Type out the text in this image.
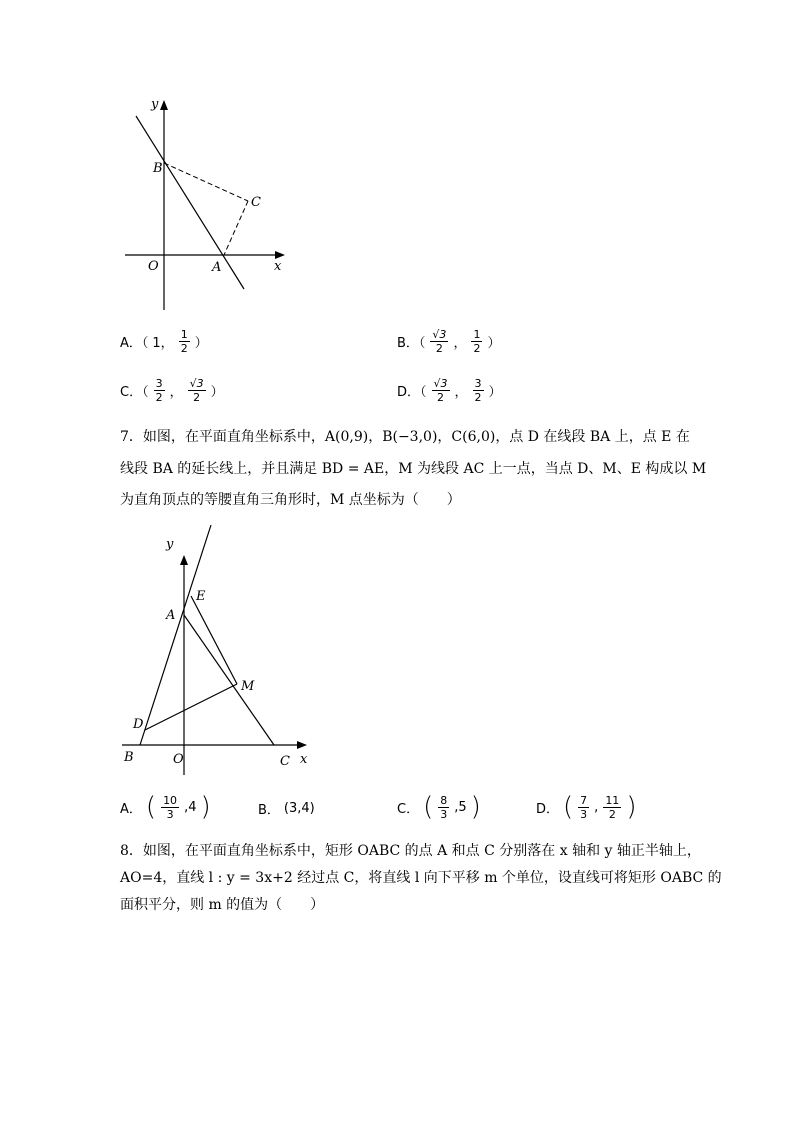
y
x
O	A
B
C
A．（ 1， $\frac{1}{2}$ ）	B．（ $\frac{√3}{2}$ ， $\frac{1}{2}$ ）
C．（ $\frac{3}{2}$ ， $\frac{√3}{2}$ ）	D．（ $\frac{√3}{2}$ ， $\frac{3}{2}$ ）
7．如图，在平面直角坐标系中，A(0,9)，B(−3,0)，C(6,0)，点 D 在线段 BA 上，点 E 在
线段 BA 的延长线上，并且满足 BD = AE，M 为线段 AC 上一点，当点 D、M、E 构成以 M
为直角顶点的等腰直角三角形时，M 点坐标为（　　）
y
x
O
A
B	C
D
E
M
A． ( $\frac{10}{3} ,4$ )	B． (3,4)	C． ( $\frac{8}{3} ,5$ )	D． ( $\frac{7}{3}$ , $\frac{11}{2}$ )
8．如图，在平面直角坐标系中，矩形 OABC 的点 A 和点 C 分别落在 x 轴和 y 轴正半轴上，
AO=4，直线 l : y = 3x+2 经过点 C，将直线 l 向下平移 m 个单位，设直线可将矩形 OABC 的
面积平分，则 m 的值为（　　）
